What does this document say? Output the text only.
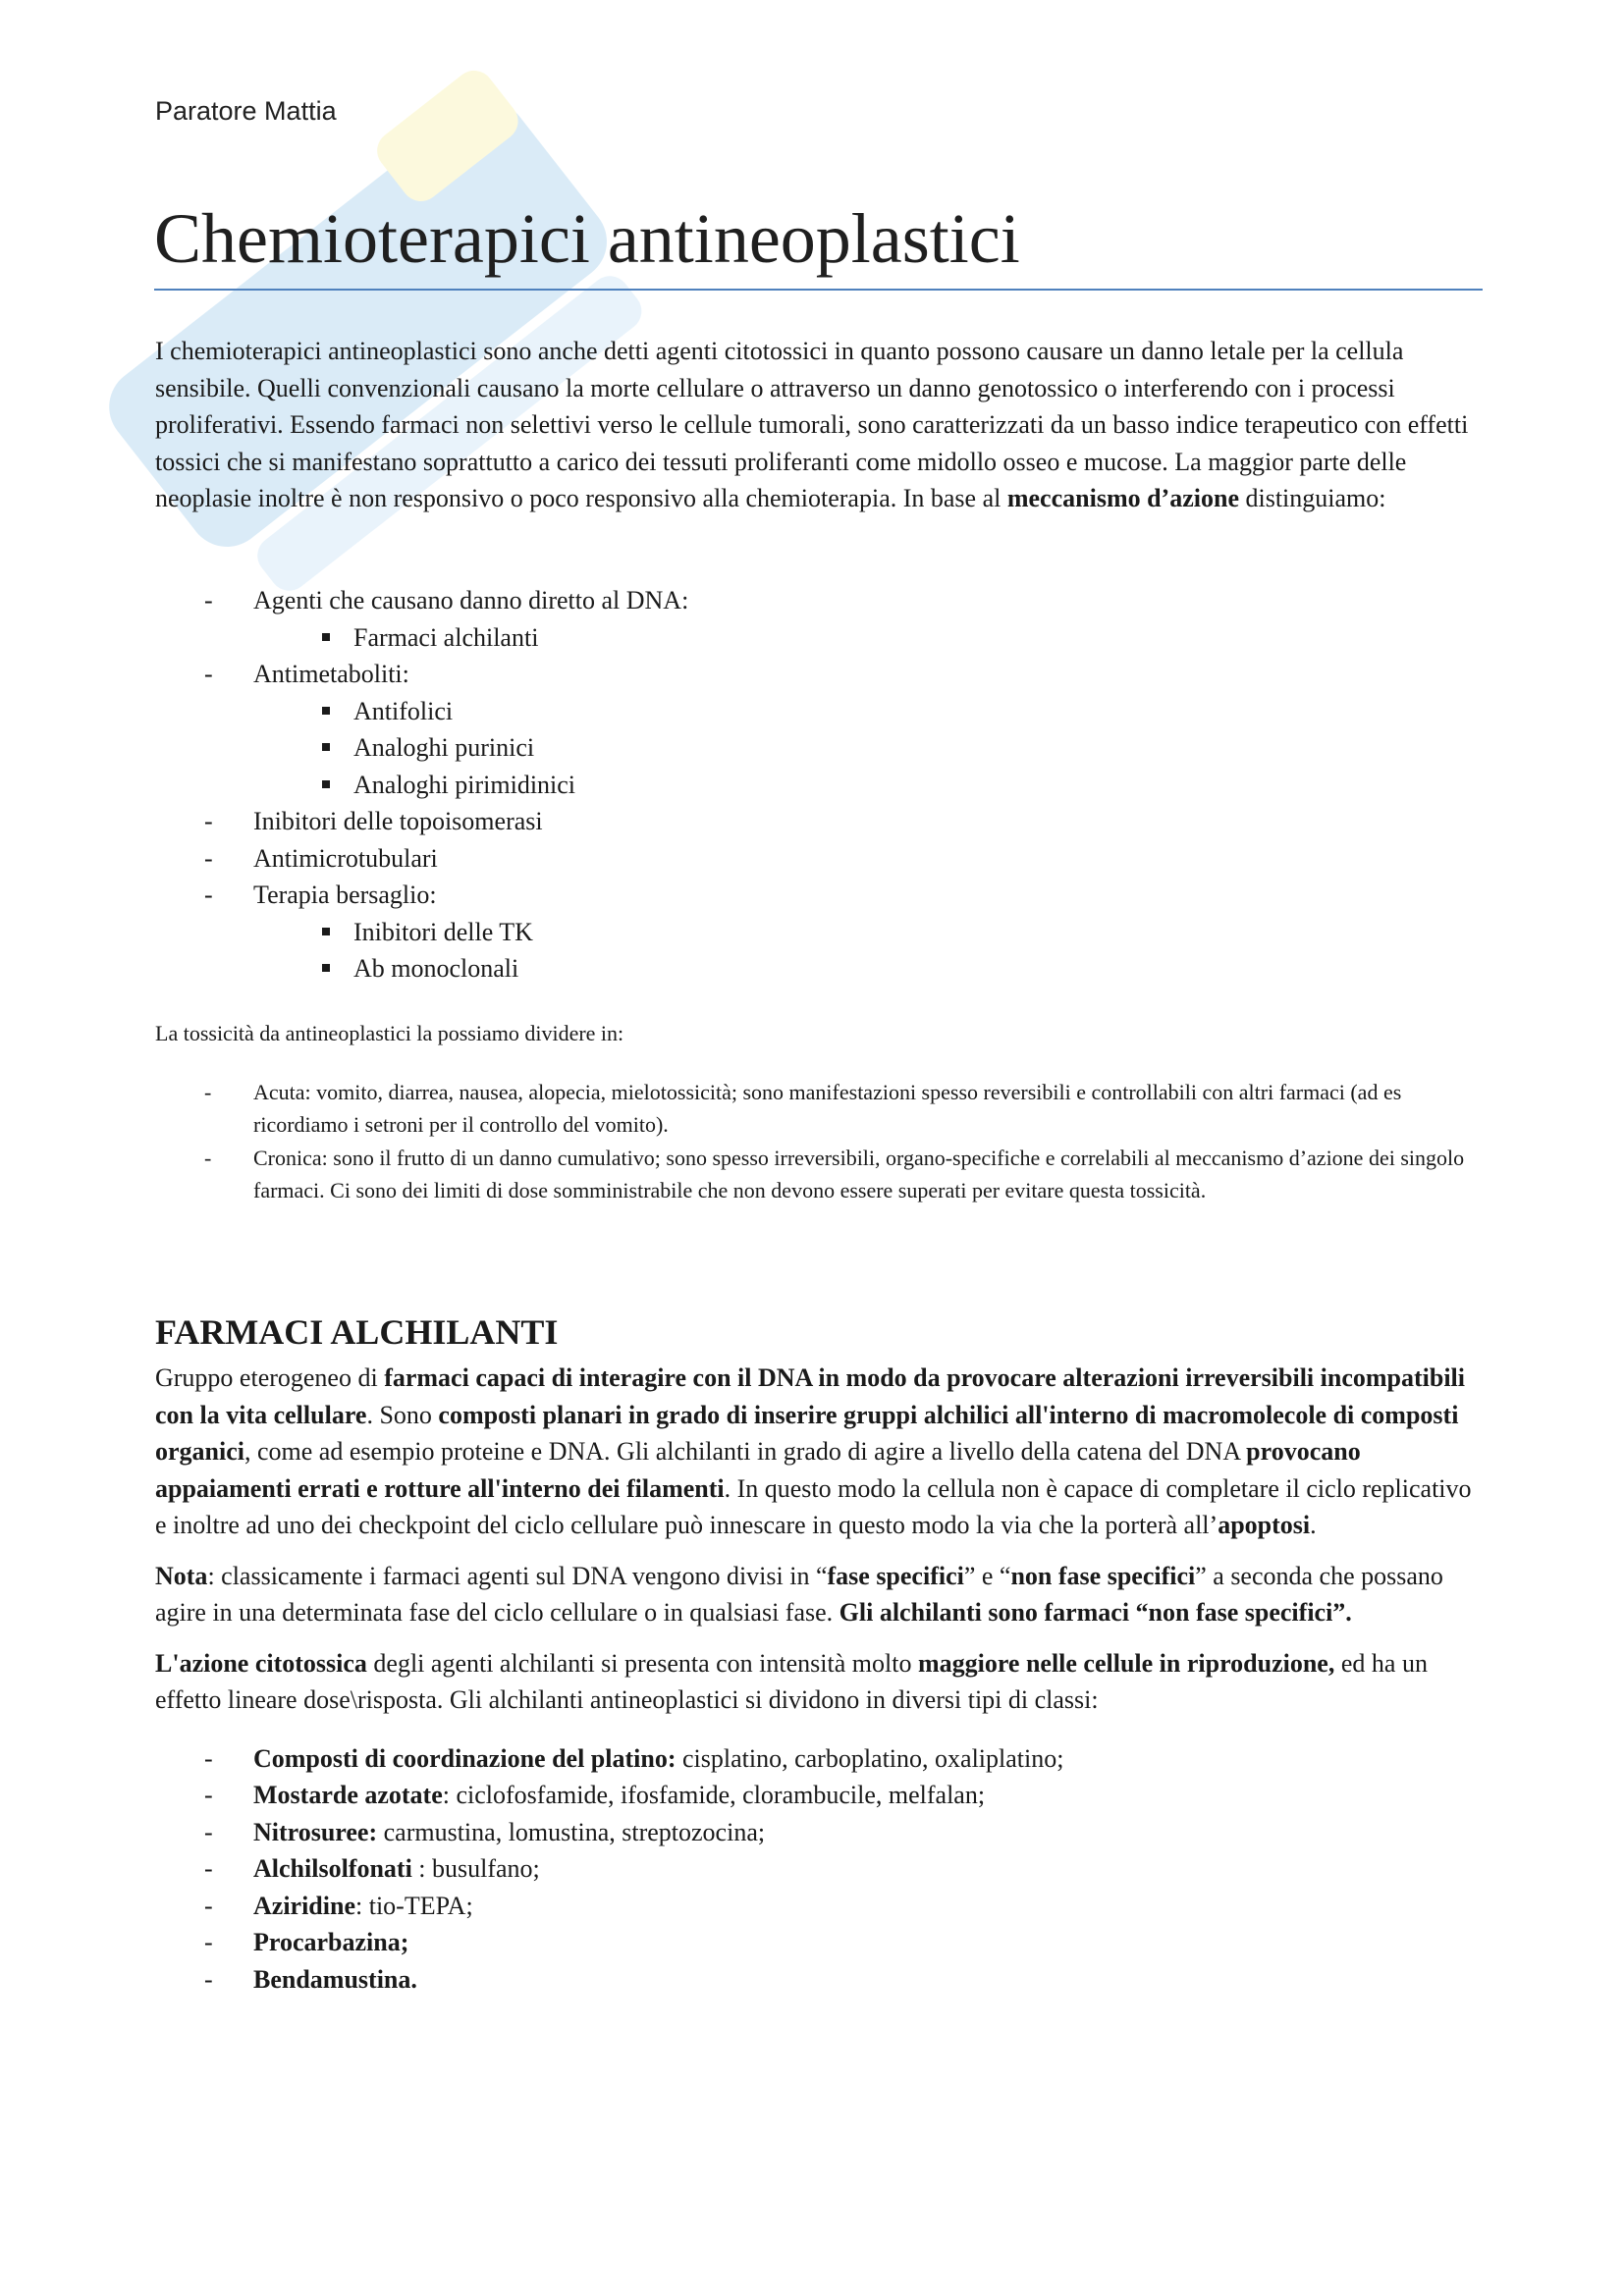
Paratore Mattia
Chemioterapici antineoplastici

I chemioterapici antineoplastici sono anche detti agenti citotossici in quanto possono causare un danno letale per la cellula sensibile. Quelli convenzionali causano la morte cellulare o attraverso un danno genotossico o interferendo con i processi proliferativi. Essendo farmaci non selettivi verso le cellule tumorali, sono caratterizzati da un basso indice terapeutico con effetti tossici che si manifestano soprattutto a carico dei tessuti proliferanti come midollo osseo e mucose. La maggior parte delle neoplasie inoltre è non responsivo o poco responsivo alla chemioterapia. In base al meccanismo d’azione distinguiamo:

- Agenti che causano danno diretto al DNA:
Farmaci alchilanti
- Antimetaboliti:
Antifolici
Analoghi purinici
Analoghi pirimidinici
- Inibitori delle topoisomerasi
- Antimicrotubulari
- Terapia bersaglio:
Inibitori delle TK
Ab monoclonali

La tossicità da antineoplastici la possiamo dividere in:

- Acuta: vomito, diarrea, nausea, alopecia, mielotossicità; sono manifestazioni spesso reversibili e controllabili con altri farmaci (ad es ricordiamo i setroni per il controllo del vomito).
- Cronica: sono il frutto di un danno cumulativo; sono spesso irreversibili, organo-specifiche e correlabili al meccanismo d’azione dei singolo farmaci. Ci sono dei limiti di dose somministrabile che non devono essere superati per evitare questa tossicità.
FARMACI ALCHILANTI

Gruppo eterogeneo di farmaci capaci di interagire con il DNA in modo da provocare alterazioni irreversibili incompatibili con la vita cellulare. Sono composti planari in grado di inserire gruppi alchilici all'interno di macromolecole di composti organici, come ad esempio proteine e DNA. Gli alchilanti in grado di agire a livello della catena del DNA provocano appaiamenti errati e rotture all'interno dei filamenti. In questo modo la cellula non è capace di completare il ciclo replicativo e inoltre ad uno dei checkpoint del ciclo cellulare può innescare in questo modo la via che la porterà all’apoptosi.

Nota: classicamente i farmaci agenti sul DNA vengono divisi in “fase specifici” e “non fase specifici” a seconda che possano agire in una determinata fase del ciclo cellulare o in qualsiasi fase. Gli alchilanti sono farmaci “non fase specifici”.

L'azione citotossica degli agenti alchilanti si presenta con intensità molto maggiore nelle cellule in riproduzione, ed ha un effetto lineare dose\risposta. Gli alchilanti antineoplastici si dividono in diversi tipi di classi:

- Composti di coordinazione del platino: cisplatino, carboplatino, oxaliplatino;
- Mostarde azotate: ciclofosfamide, ifosfamide, clorambucile, melfalan;
- Nitrosuree: carmustina, lomustina, streptozocina;
- Alchilsolfonati : busulfano;
- Aziridine: tio-TEPA;
- Procarbazina;
- Bendamustina.
